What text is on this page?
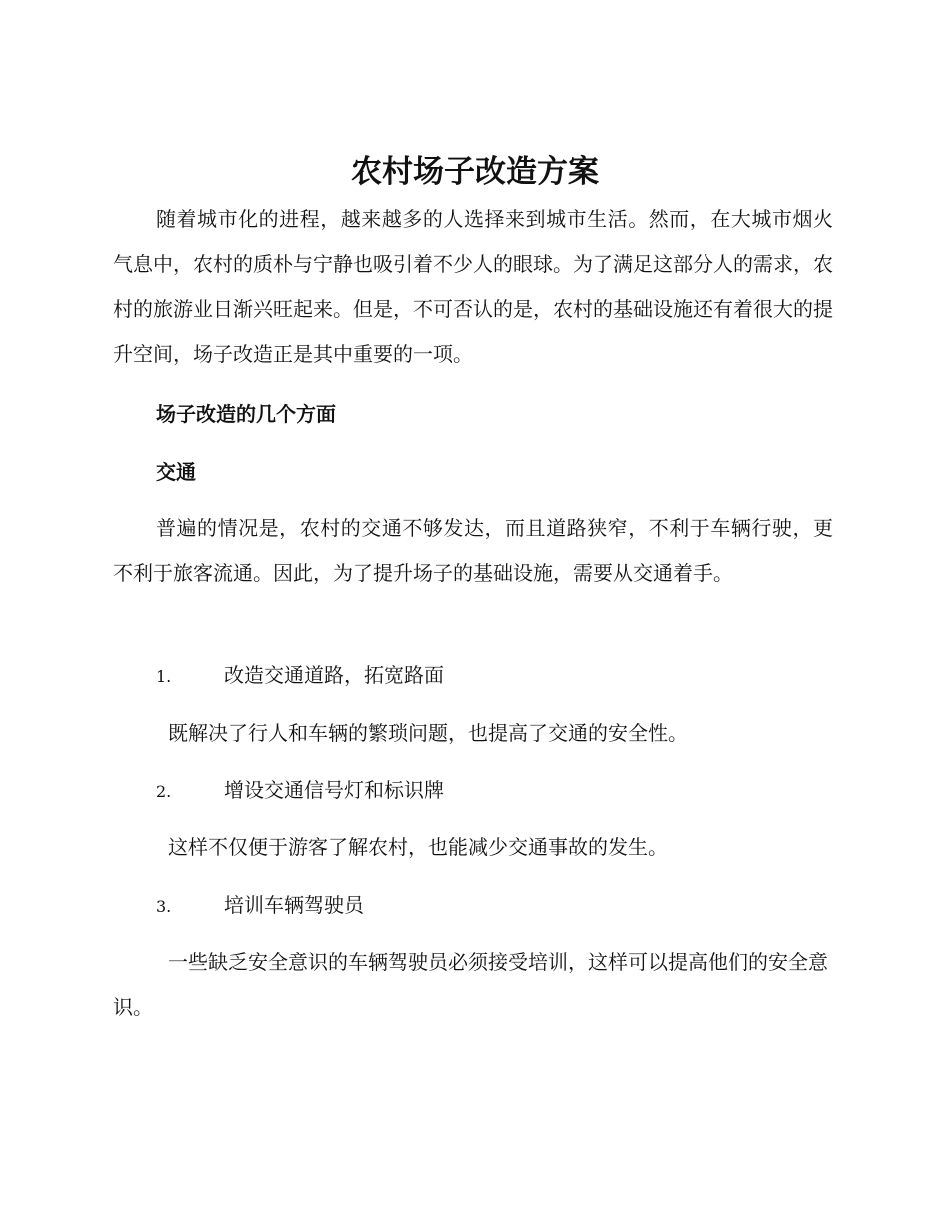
农村场子改造方案

随着城市化的进程，越来越多的人选择来到城市生活。然而，在大城市烟火气息中，农村的质朴与宁静也吸引着不少人的眼球。为了满足这部分人的需求，农村的旅游业日渐兴旺起来。但是，不可否认的是，农村的基础设施还有着很大的提升空间，场子改造正是其中重要的一项。

场子改造的几个方面

交通

普遍的情况是，农村的交通不够发达，而且道路狭窄，不利于车辆行驶，更不利于旅客流通。因此，为了提升场子的基础设施，需要从交通着手。

1.	改造交通道路，拓宽路面

既解决了行人和车辆的繁琐问题，也提高了交通的安全性。

2.	增设交通信号灯和标识牌

这样不仅便于游客了解农村，也能减少交通事故的发生。

3.	培训车辆驾驶员

一些缺乏安全意识的车辆驾驶员必须接受培训，这样可以提高他们的安全意识。
